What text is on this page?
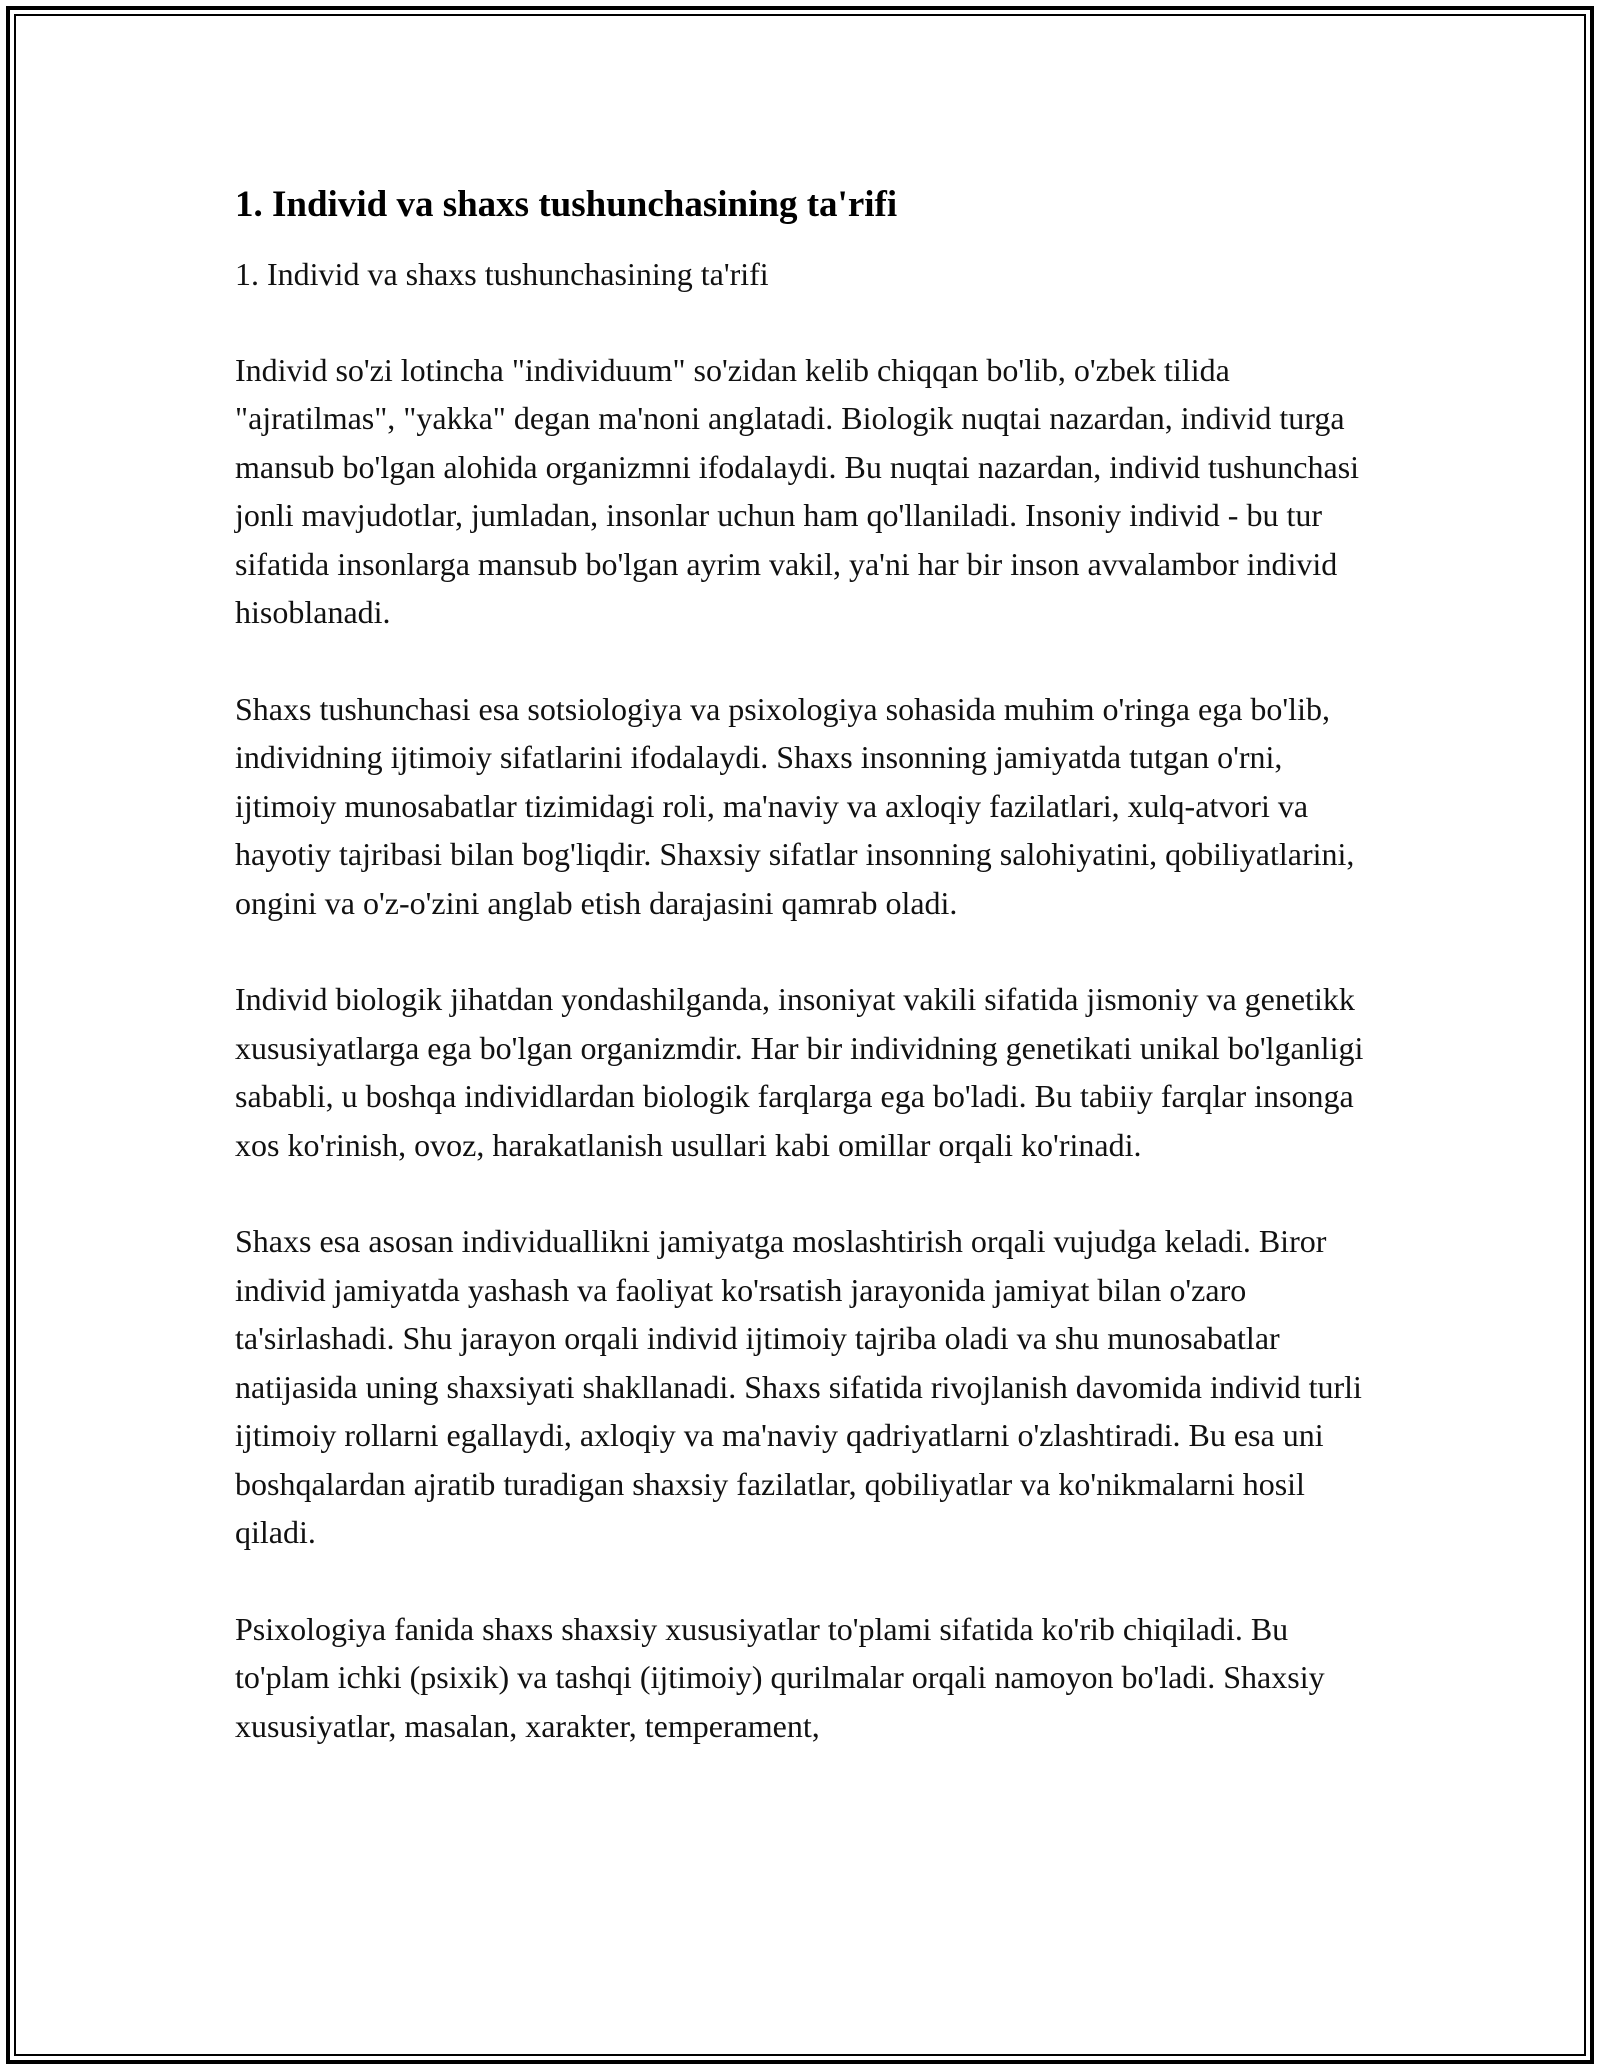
1. Individ va shaxs tushunchasining ta'rifi

1. Individ va shaxs tushunchasining ta'rifi

Individ so'zi lotincha "individuum" so'zidan kelib chiqqan bo'lib, o'zbek tilida "ajratilmas", "yakka" degan ma'noni anglatadi. Biologik nuqtai nazardan, individ turga mansub bo'lgan alohida organizmni ifodalaydi. Bu nuqtai nazardan, individ tushunchasi jonli mavjudotlar, jumladan, insonlar uchun ham qo'llaniladi. Insoniy individ - bu tur sifatida insonlarga mansub bo'lgan ayrim vakil, ya'ni har bir inson avvalambor individ hisoblanadi.

Shaxs tushunchasi esa sotsiologiya va psixologiya sohasida muhim o'ringa ega bo'lib, individning ijtimoiy sifatlarini ifodalaydi. Shaxs insonning jamiyatda tutgan o'rni, ijtimoiy munosabatlar tizimidagi roli, ma'naviy va axloqiy fazilatlari, xulq-atvori va hayotiy tajribasi bilan bog'liqdir. Shaxsiy sifatlar insonning salohiyatini, qobiliyatlarini, ongini va o'z-o'zini anglab etish darajasini qamrab oladi.

Individ biologik jihatdan yondashilganda, insoniyat vakili sifatida jismoniy va genetikk xususiyatlarga ega bo'lgan organizmdir. Har bir individning genetikati unikal bo'lganligi sababli, u boshqa individlardan biologik farqlarga ega bo'ladi. Bu tabiiy farqlar insonga xos ko'rinish, ovoz, harakatlanish usullari kabi omillar orqali ko'rinadi.

Shaxs esa asosan individuallikni jamiyatga moslashtirish orqali vujudga keladi. Biror individ jamiyatda yashash va faoliyat ko'rsatish jarayonida jamiyat bilan o'zaro ta'sirlashadi. Shu jarayon orqali individ ijtimoiy tajriba oladi va shu munosabatlar natijasida uning shaxsiyati shakllanadi. Shaxs sifatida rivojlanish davomida individ turli ijtimoiy rollarni egallaydi, axloqiy va ma'naviy qadriyatlarni o'zlashtiradi. Bu esa uni boshqalardan ajratib turadigan shaxsiy fazilatlar, qobiliyatlar va ko'nikmalarni hosil qiladi.

Psixologiya fanida shaxs shaxsiy xususiyatlar to'plami sifatida ko'rib chiqiladi. Bu to'plam ichki (psixik) va tashqi (ijtimoiy) qurilmalar orqali namoyon bo'ladi. Shaxsiy xususiyatlar, masalan, xarakter, temperament,
